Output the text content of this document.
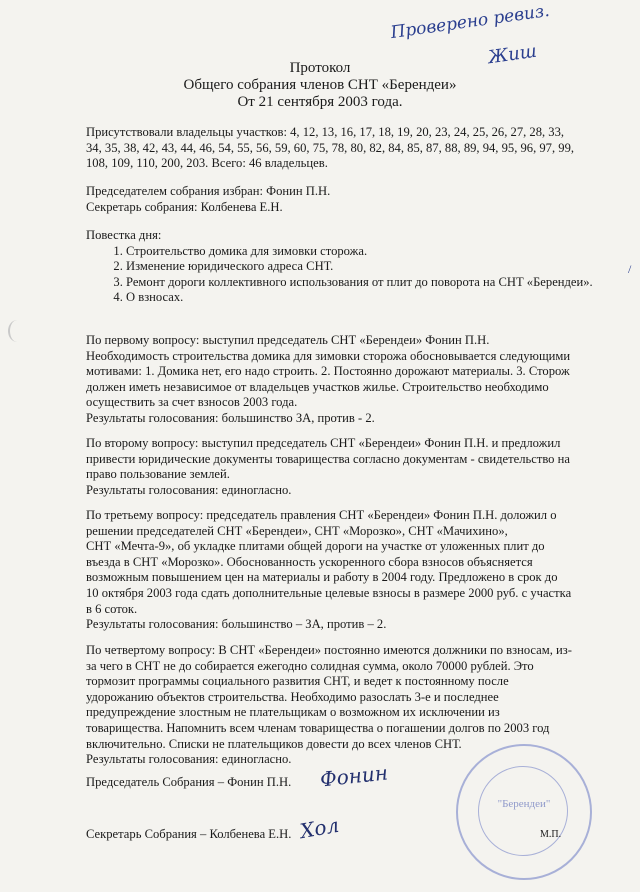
Проверено ревиз.
Жиш
Протокол
Общего собрания членов СНТ «Берендеи»
От 21 сентября 2003 года.
Присутствовали владельцы участков: 4, 12, 13, 16, 17, 18, 19, 20, 23, 24, 25, 26, 27, 28, 33,
34, 35, 38, 42, 43, 44, 46, 54, 55, 56, 59, 60, 75, 78, 80, 82, 84, 85, 87, 88, 89, 94, 95, 96, 97, 99,
108, 109, 110, 200, 203. Всего: 46 владельцев.
Председателем собрания избран: Фонин П.Н.
Секретарь собрания: Колбенева Е.Н.
Повестка дня:
1. Строительство домика для зимовки сторожа.
2. Изменение юридического адреса СНТ.
3. Ремонт дороги коллективного использования от плит до поворота на СНТ «Берендеи».
4. О взносах.
По первому вопросу: выступил председатель СНТ «Берендеи» Фонин П.Н.
Необходимость строительства домика для зимовки сторожа обосновывается следующими
мотивами: 1. Домика нет, его надо строить. 2. Постоянно дорожают материалы. 3. Сторож
должен иметь независимое от владельцев участков жилье. Строительство необходимо
осуществить за счет взносов 2003 года.
Результаты голосования: большинство ЗА, против - 2.
По второму вопросу: выступил председатель СНТ «Берендеи» Фонин П.Н. и предложил
привести юридические документы товарищества согласно документам - свидетельство на
право пользование землей.
Результаты голосования: единогласно.
По третьему вопросу: председатель правления СНТ «Берендеи» Фонин П.Н. доложил о
решении председателей СНТ «Берендеи», СНТ «Морозко», СНТ «Мачихино»,
СНТ «Мечта-9», об укладке плитами общей дороги на участке от уложенных плит до
въезда в СНТ «Морозко». Обоснованность ускоренного сбора взносов объясняется
возможным повышением цен на материалы и работу в 2004 году. Предложено в срок до
10 октября 2003 года сдать дополнительные целевые взносы в размере 2000 руб. с участка
в 6 соток.
Результаты голосования: большинство – ЗА, против – 2.
По четвертому вопросу: В СНТ «Берендеи» постоянно имеются должники по взносам, из-
за чего в СНТ не до собирается ежегодно солидная сумма, около 70000 рублей. Это
тормозит программы социального развития СНТ, и ведет к постоянному после
удорожанию объектов строительства. Необходимо разослать 3-е и последнее
предупреждение злостным не плательщикам о возможном их исключении из
товарищества. Напомнить всем членам товарищества о погашении долгов по 2003 год
включительно. Списки не плательщиков довести до всех членов СНТ.
Результаты голосования: единогласно.
Председатель Собрания – Фонин П.Н. Фонин
Секретарь Собрания – Колбенева Е.Н. Хол
"Берендеи"
М.П.
/
